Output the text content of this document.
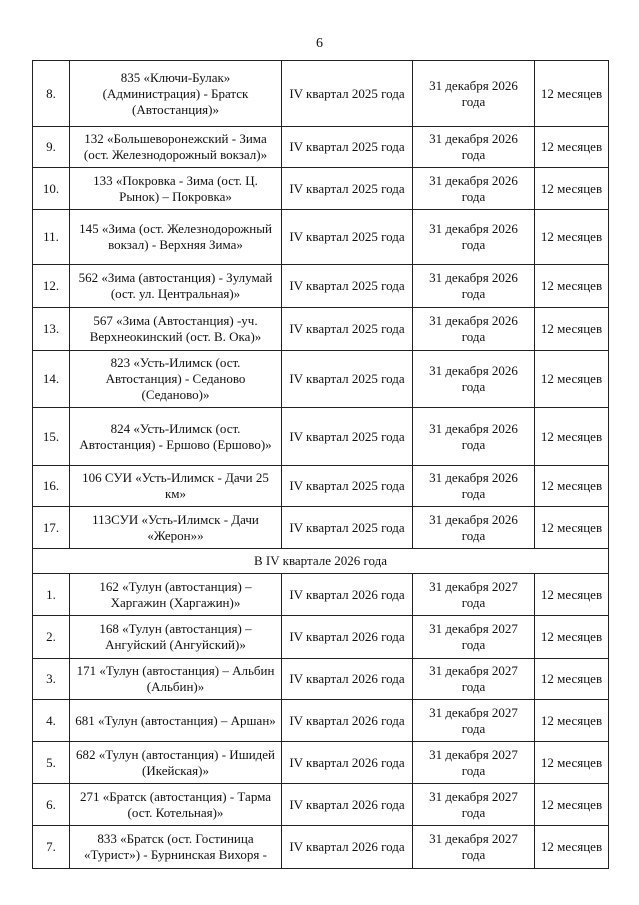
6
8.	835 «Ключи-Булак» (Администрация) - Братск (Автостанция)»	IV квартал 2025 года	31 декабря 2026 года	12 месяцев
9.	132 «Большеворонежский - Зима (ост. Железнодорожный вокзал)»	IV квартал 2025 года	31 декабря 2026 года	12 месяцев
10.	133 «Покровка - Зима (ост. Ц. Рынок) – Покровка»	IV квартал 2025 года	31 декабря 2026 года	12 месяцев
11.	145 «Зима (ост. Железнодорожный вокзал) - Верхняя Зима»	IV квартал 2025 года	31 декабря 2026 года	12 месяцев
12.	562 «Зима (автостанция) - Зулумай (ост. ул. Центральная)»	IV квартал 2025 года	31 декабря 2026 года	12 месяцев
13.	567 «Зима (Автостанция) -уч. Верхнеокинский (ост. В. Ока)»	IV квартал 2025 года	31 декабря 2026 года	12 месяцев
14.	823 «Усть-Илимск (ост. Автостанция) - Седаново (Седаново)»	IV квартал 2025 года	31 декабря 2026 года	12 месяцев
15.	824 «Усть-Илимск (ост. Автостанция) - Ершово (Ершово)»	IV квартал 2025 года	31 декабря 2026 года	12 месяцев
16.	106 СУИ «Усть-Илимск - Дачи 25 км»	IV квартал 2025 года	31 декабря 2026 года	12 месяцев
17.	113СУИ «Усть-Илимск - Дачи «Жерон»»	IV квартал 2025 года	31 декабря 2026 года	12 месяцев
В IV квартале 2026 года				
1.	162 «Тулун (автостанция) – Харгажин (Харгажин)»	IV квартал 2026 года	31 декабря 2027 года	12 месяцев
2.	168 «Тулун (автостанция) – Ангуйский (Ангуйский)»	IV квартал 2026 года	31 декабря 2027 года	12 месяцев
3.	171 «Тулун (автостанция) – Альбин (Альбин)»	IV квартал 2026 года	31 декабря 2027 года	12 месяцев
4.	681 «Тулун (автостанция) – Аршан»	IV квартал 2026 года	31 декабря 2027 года	12 месяцев
5.	682 «Тулун (автостанция) - Ишидей (Икейская)»	IV квартал 2026 года	31 декабря 2027 года	12 месяцев
6.	271 «Братск (автостанция) - Тарма (ост. Котельная)»	IV квартал 2026 года	31 декабря 2027 года	12 месяцев
7.	833 «Братск (ост. Гостиница «Турист») - Бурнинская Вихоря -	IV квартал 2026 года	31 декабря 2027 года	12 месяцев
